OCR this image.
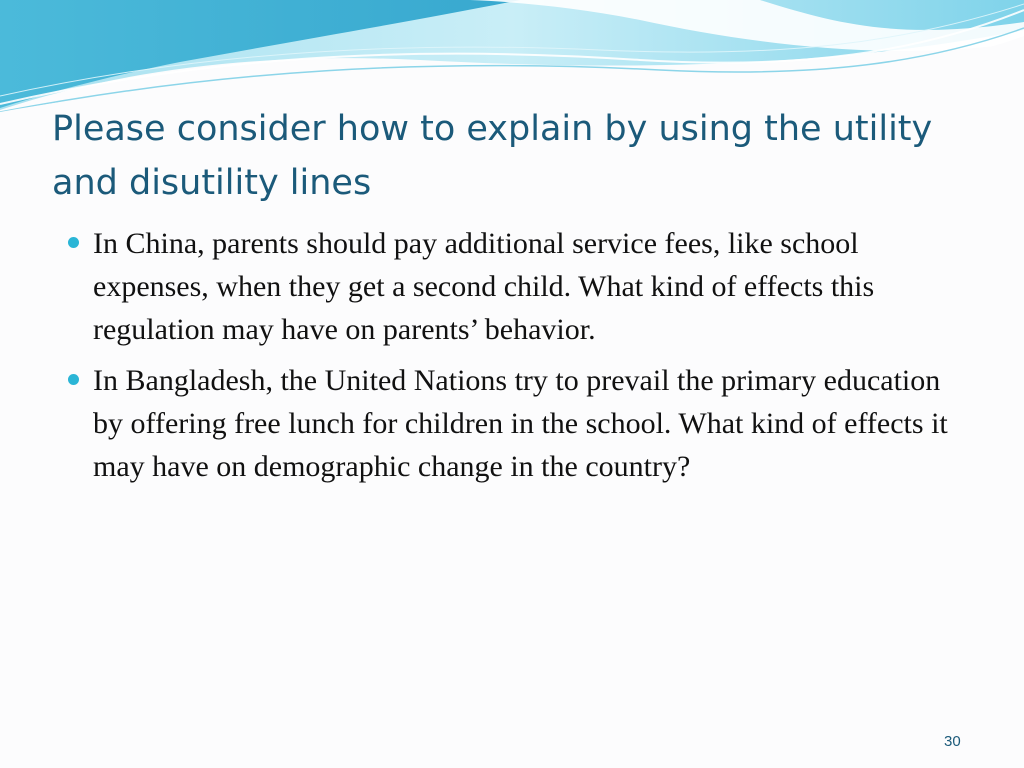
Please consider how to explain by using the utility and disutility lines
In China, parents should pay additional service fees, like school expenses, when they get a second child. What kind of effects this regulation may have on parents’ behavior.
In Bangladesh, the United Nations try to prevail the primary education by offering free lunch for children in the school. What kind of effects it may have on demographic change in the country?
30
